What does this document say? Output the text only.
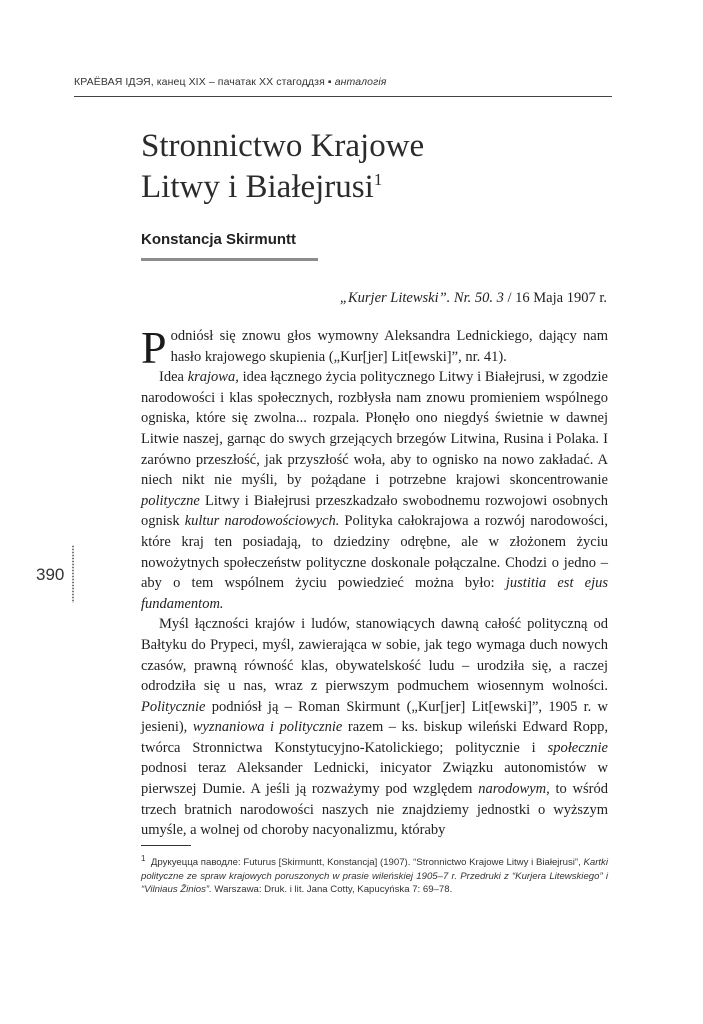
КРАЁВАЯ ІДЭЯ, канец XIX – пачатак XX стагоддзя ▪ анталогія
Stronnictwo Krajowe
Litwy i Białejrusi$^1$
Konstancja Skirmuntt
„Kurjer Litewski”. Nr. 50. 3 / 16 Maja 1907 r.

Podniósł się znowu głos wymowny Aleksandra Lednickiego, dający nam hasło krajowego skupienia („Kur[jer] Lit[ewski]”, nr. 41).

Idea krajowa, idea łącznego życia politycznego Litwy i Białejrusi, w zgodzie narodowości i klas społecznych, rozbłysła nam znowu promieniem wspólnego ogniska, które się zwolna... rozpala. Płonęło ono niegdyś świetnie w dawnej Litwie naszej, garnąc do swych grzejących brzegów Litwina, Rusina i Polaka. I zarówno przeszłość, jak przyszłość woła, aby to ognisko na nowo zakładać. A niech nikt nie myśli, by pożądane i potrzebne krajowi skoncentrowanie polityczne Litwy i Białejrusi przeszkadzało swobodnemu rozwojowi osobnych ognisk kultur narodowościowych. Polityka całokrajowa a rozwój narodowości, które kraj ten posiadają, to dziedziny odrębne, ale w złożonem życiu nowożytnych społeczeństw polityczne doskonale połączalne. Chodzi o jedno – aby o tem wspólnem życiu powiedzieć można było: justitia est ejus fundamentom.

Myśl łączności krajów i ludów, stanowiących dawną całość polityczną od Bałtyku do Prypeci, myśl, zawierająca w sobie, jak tego wymaga duch nowych czasów, prawną równość klas, obywatelskość ludu – urodziła się, a raczej odrodziła się u nas, wraz z pierwszym podmuchem wiosennym wolności. Politycznie podniósł ją – Roman Skirmunt („Kur[jer] Lit[ewski]”, 1905 r. w jesieni), wyznaniowa i politycznie razem – ks. biskup wileński Edward Ropp, twórca Stronnictwa Konstytucyjno-Katolickiego; politycznie i społecznie podnosi teraz Aleksander Lednicki, inicyator Związku autonomistów w pierwszej Dumie. A jeśli ją rozważymy pod względem narodowym, to wśród trzech bratnich narodowości naszych nie znajdziemy jednostki o wyższym umyśle, a wolnej od choroby nacyonalizmu, któraby

390
$^1$ Друкуецца паводле: Futurus [Skirmuntt, Konstancja] (1907). “Stronnictwo Krajowe Litwy i Białejrusi”, Kartki polityczne ze spraw krajowych poruszonych w prasie wileńskiej 1905–7 r. Przedruki z “Kurjera Litewskiego” i “Vilniaus Žinios”. Warszawa: Druk. i lit. Jana Cotty, Kapucyńska 7: 69–78.
